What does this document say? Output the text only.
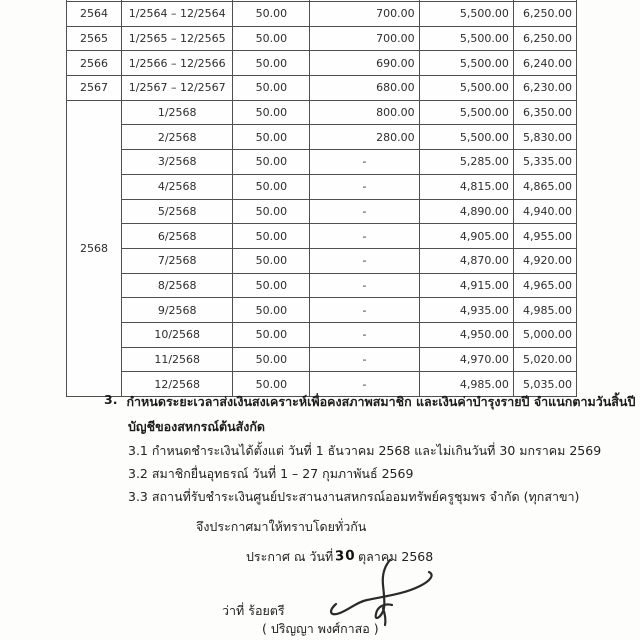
2564	1/2564 – 12/2564	50.00	700.00	5,500.00	6,250.00
2565	1/2565 – 12/2565	50.00	700.00	5,500.00	6,250.00
2566	1/2566 – 12/2566	50.00	690.00	5,500.00	6,240.00
2567	1/2567 – 12/2567	50.00	680.00	5,500.00	6,230.00
2568	1/2568	50.00	800.00	5,500.00	6,350.00
	2/2568	50.00	280.00	5,500.00	5,830.00
	3/2568	50.00	-	5,285.00	5,335.00
	4/2568	50.00	-	4,815.00	4,865.00
	5/2568	50.00	-	4,890.00	4,940.00
	6/2568	50.00	-	4,905.00	4,955.00
	7/2568	50.00	-	4,870.00	4,920.00
	8/2568	50.00	-	4,915.00	4,965.00
	9/2568	50.00	-	4,935.00	4,985.00
	10/2568	50.00	-	4,950.00	5,000.00
	11/2568	50.00	-	4,970.00	5,020.00
	12/2568	50.00	-	4,985.00	5,035.00
3. กำหนดระยะเวลาส่งเงินสงเคราะห์เพื่อคงสภาพสมาชิก และเงินค่าบำรุงรายปี จำแนกตามวันสิ้นปี
บัญชีของสหกรณ์ต้นสังกัด
3.1 กำหนดชำระเงินได้ตั้งแต่ วันที่ 1 ธันวาคม 2568 และไม่เกินวันที่ 30 มกราคม 2569
3.2 สมาชิกยื่นอุทธรณ์ วันที่ 1 – 27 กุมภาพันธ์ 2569
3.3 สถานที่รับชำระเงินศูนย์ประสานงานสหกรณ์ออมทรัพย์ครูชุมพร จำกัด (ทุกสาขา)
จึงประกาศมาให้ทราบโดยทั่วกัน
ประกาศ ณ วันที่ 30 ตุลาคม 2568
ว่าที่ ร้อยตรี
( ปริญญา พงศ์กาสอ )
